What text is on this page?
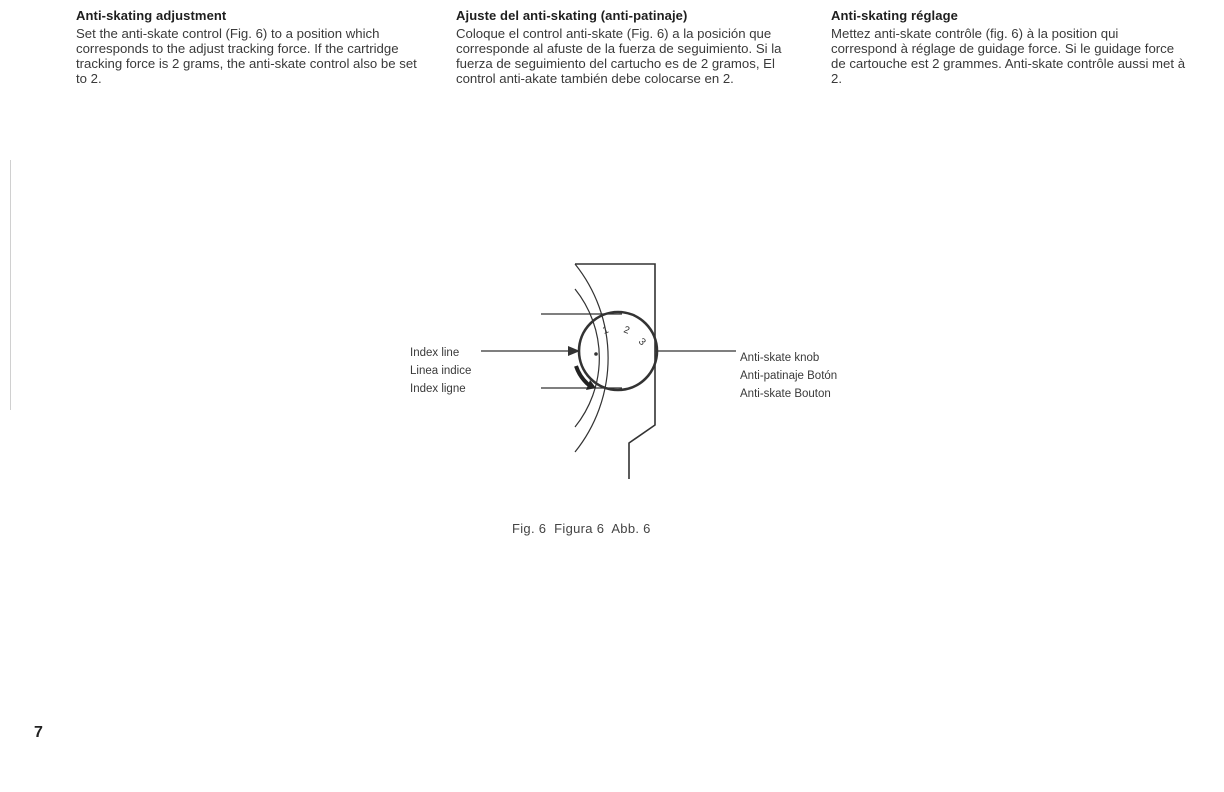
Anti-skating adjustment

Set the anti-skate control (Fig. 6) to a position which corresponds to the adjust tracking force. If the cartridge tracking force is 2 grams, the anti-skate control also be set to 2.

Ajuste del anti-skating (anti-patinaje)

Coloque el control anti-skate (Fig. 6) a la posición que corresponde al afuste de la fuerza de seguimiento. Si la fuerza de seguimiento del cartucho es de 2 gramos, El control anti-akate también debe colocarse en 2.

Anti-skating réglage

Mettez anti-skate contrôle (fig. 6) à la position qui correspond à réglage de guidage force. Si le guidage force de cartouche est 2 grammes. Anti-skate contrôle aussi met à 2.

1 2
3
Index line
Linea indice
Index ligne
Anti-skate knob
Anti-patinaje Botón
Anti-skate Bouton
Fig. 6  Figura 6  Abb. 6
7
